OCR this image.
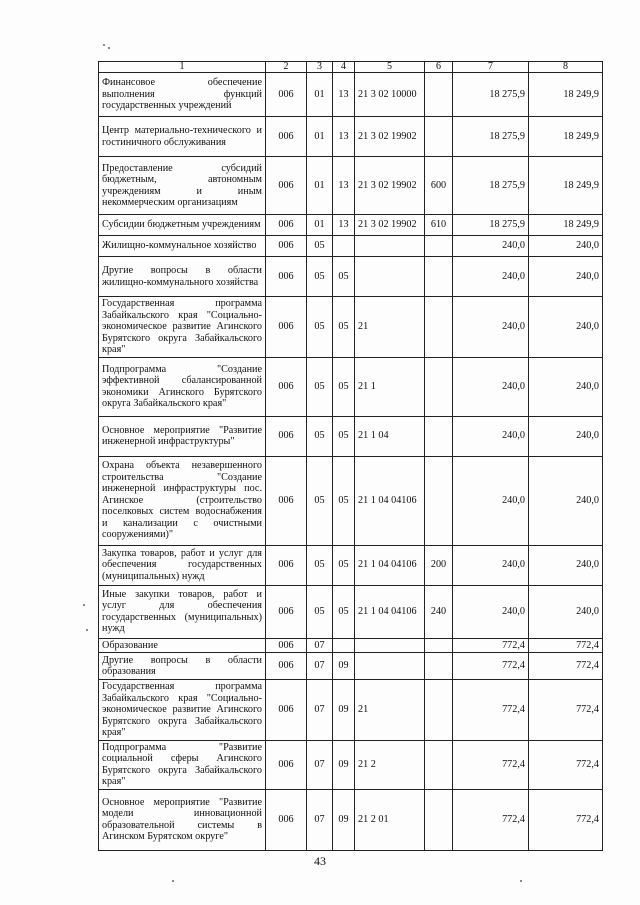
1	2	3	4	5	6	7	8
Финансовое обеспечение выполнения функций государственных учреждений	006	01	13	21 3 02 10000		18 275,9	18 249,9
Центр материально-технического и гостиничного обслуживания	006	01	13	21 3 02 19902		18 275,9	18 249,9
Предоставление субсидий бюджетным, автономным учреждениям и иным некоммерческим организациям	006	01	13	21 3 02 19902	600	18 275,9	18 249,9
Субсидии бюджетным учреждениям	006	01	13	21 3 02 19902	610	18 275,9	18 249,9
Жилищно-коммунальное хозяйство	006	05				240,0	240,0
Другие вопросы в области жилищно-коммунального хозяйства	006	05	05			240,0	240,0
Государственная программа Забайкальского края "Социально-экономическое развитие Агинского Бурятского округа Забайкальского края"	006	05	05	21		240,0	240,0
Подпрограмма "Создание эффективной сбалансированной экономики Агинского Бурятского округа Забайкальского края"	006	05	05	21 1		240,0	240,0
Основное мероприятие "Развитие инженерной инфраструктуры"	006	05	05	21 1 04		240,0	240,0
Охрана объекта незавершенного строительства "Создание инженерной инфраструктуры пос. Агинское (строительство поселковых систем водоснабжения и канализации с очистными сооружениями)"	006	05	05	21 1 04 04106		240,0	240,0
Закупка товаров, работ и услуг для обеспечения государственных (муниципальных) нужд	006	05	05	21 1 04 04106	200	240,0	240,0
Иные закупки товаров, работ и услуг для обеспечения государственных (муниципальных) нужд	006	05	05	21 1 04 04106	240	240,0	240,0
Образование	006	07				772,4	772,4
Другие вопросы в области образования	006	07	09			772,4	772,4
Государственная программа Забайкальского края "Социально-экономическое развитие Агинского Бурятского округа Забайкальского края"	006	07	09	21		772,4	772,4
Подпрограмма "Развитие социальной сферы Агинского Бурятского округа Забайкальского края"	006	07	09	21 2		772,4	772,4
Основное мероприятие "Развитие модели инновационной образовательной системы в Агинском Бурятском округе"	006	07	09	21 2 01		772,4	772,4
43
